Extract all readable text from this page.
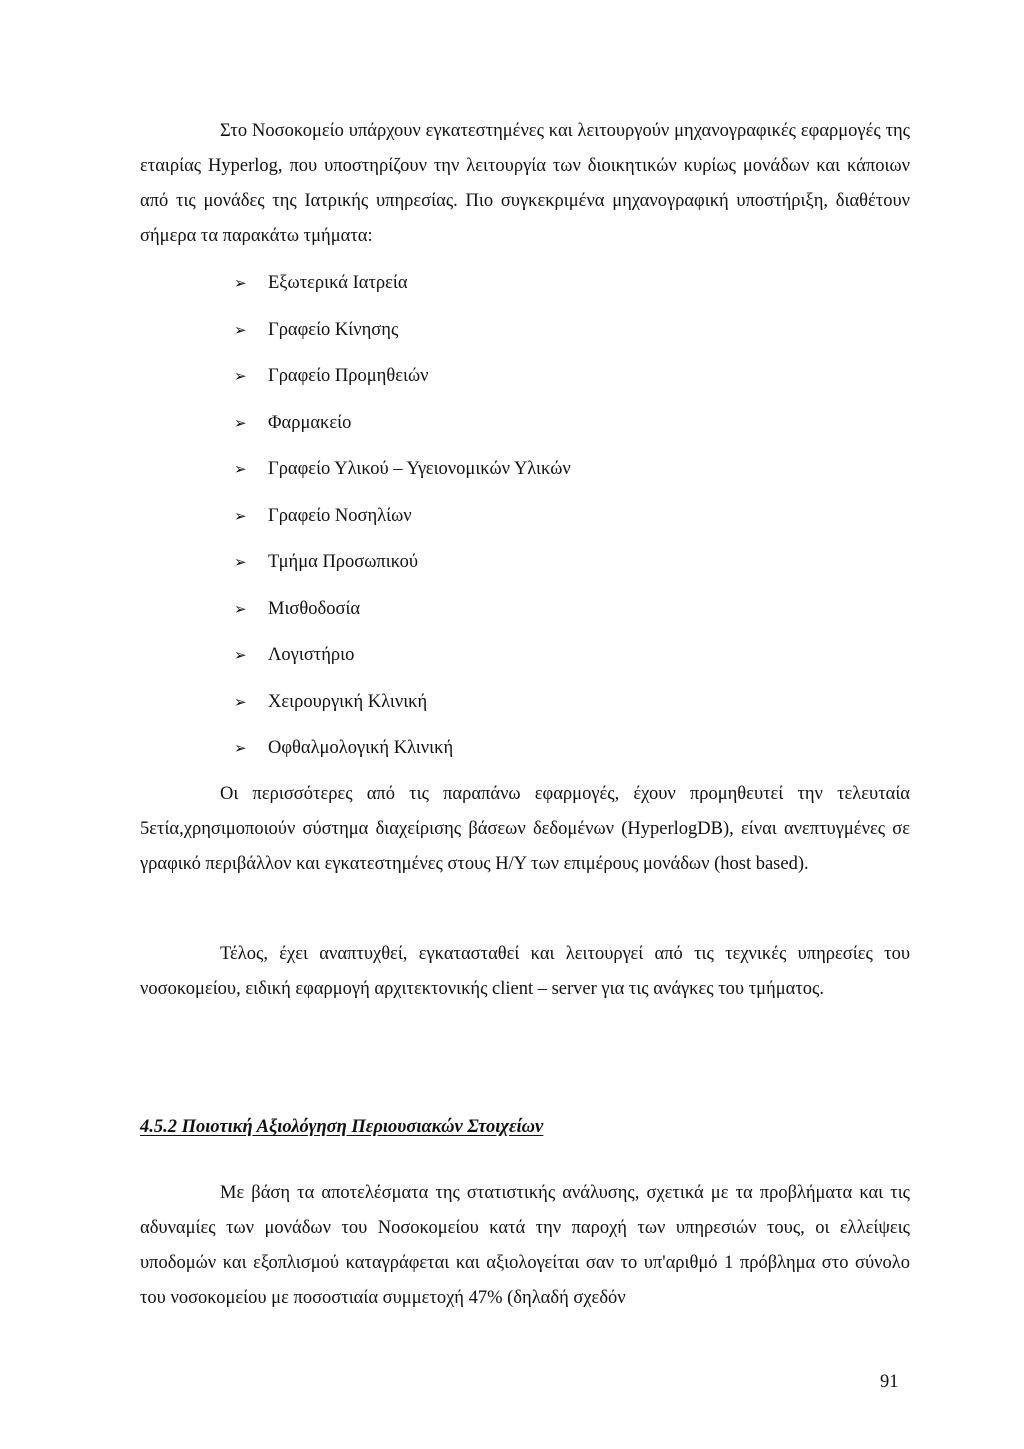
Στο Νοσοκομείο υπάρχουν εγκατεστημένες και λειτουργούν μηχανογραφικές εφαρμογές της εταιρίας Hyperlog, που υποστηρίζουν την λειτουργία των διοικητικών κυρίως μονάδων και κάποιων από τις μονάδες της Ιατρικής υπηρεσίας. Πιο συγκεκριμένα μηχανογραφική υποστήριξη, διαθέτουν σήμερα τα παρακάτω τμήματα:

➢	Εξωτερικά Ιατρεία
➢	Γραφείο Κίνησης
➢	Γραφείο Προμηθειών
➢	Φαρμακείο
➢	Γραφείο Υλικού – Υγειονομικών Υλικών
➢	Γραφείο Νοσηλίων
➢	Τμήμα Προσωπικού
➢	Μισθοδοσία
➢	Λογιστήριο
➢	Χειρουργική Κλινική
➢	Οφθαλμολογική Κλινική

Οι περισσότερες από τις παραπάνω εφαρμογές, έχουν προμηθευτεί την τελευταία 5ετία,χρησιμοποιούν σύστημα διαχείρισης βάσεων δεδομένων (HyperlogDB), είναι ανεπτυγμένες σε γραφικό περιβάλλον και εγκατεστημένες στους Η/Υ των επιμέρους μονάδων (host based).

Τέλος, έχει αναπτυχθεί, εγκατασταθεί και λειτουργεί από τις τεχνικές υπηρεσίες του νοσοκομείου, ειδική εφαρμογή αρχιτεκτονικής client – server για τις ανάγκες του τμήματος.

4.5.2 Ποιοτική Αξιολόγηση Περιουσιακών Στοιχείων

Με βάση τα αποτελέσματα της στατιστικής ανάλυσης, σχετικά με τα προβλήματα και τις αδυναμίες των μονάδων του Νοσοκομείου κατά την παροχή των υπηρεσιών τους, οι ελλείψεις υποδομών και εξοπλισμού καταγράφεται και αξιολογείται σαν το υπ'αριθμό 1 πρόβλημα στο σύνολο του νοσοκομείου με ποσοστιαία συμμετοχή 47% (δηλαδή σχεδόν

91
